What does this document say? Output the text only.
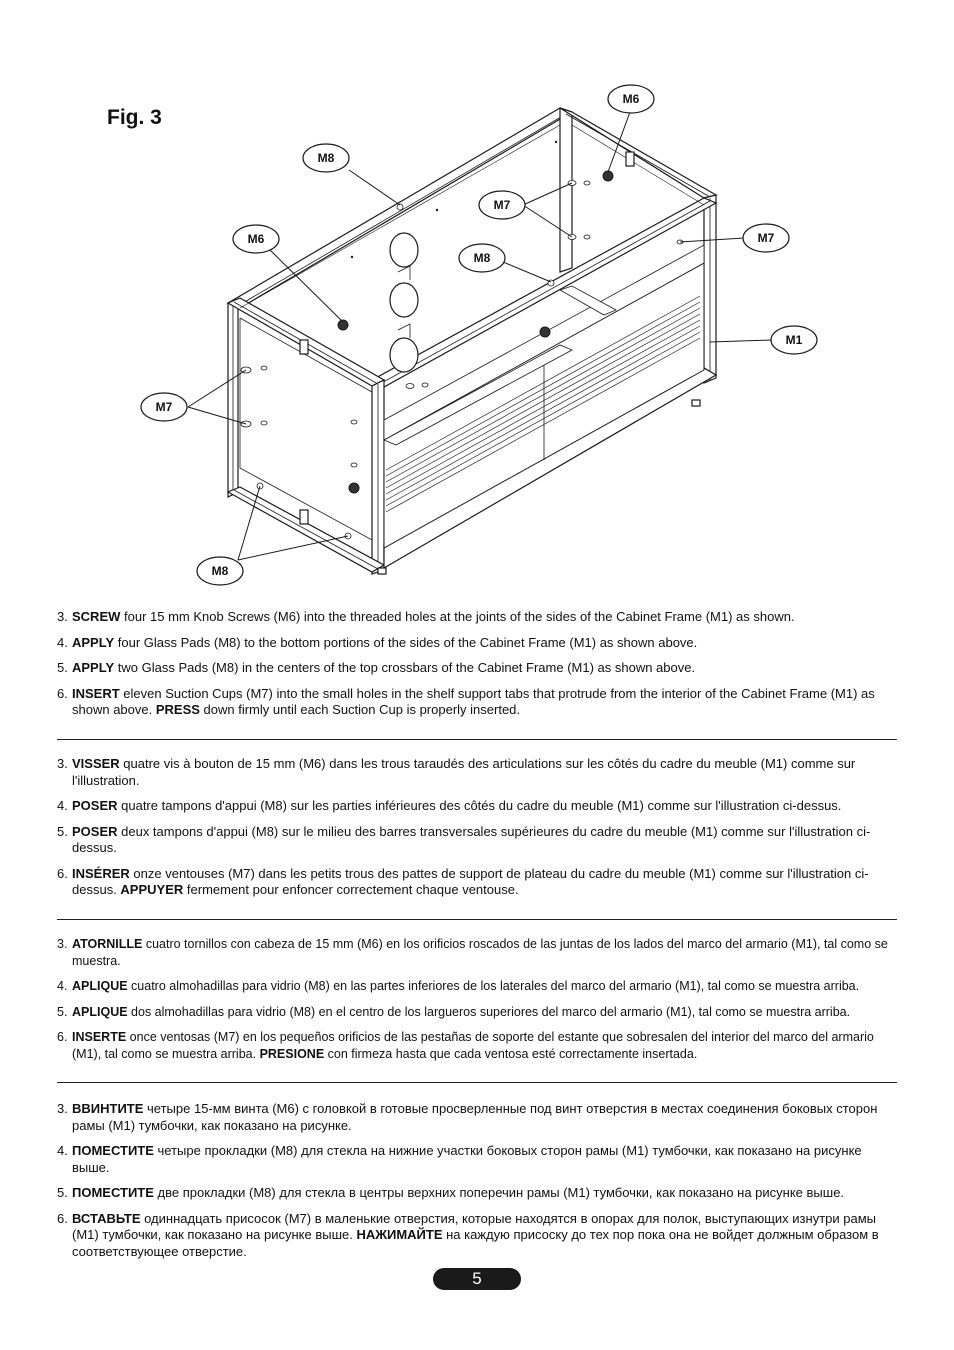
Fig. 3
M6
M8
M7
M6
M8
M7
M1
M7
M8
3. SCREW four 15 mm Knob Screws (M6) into the threaded holes at the joints of the sides of the Cabinet Frame (M1) as shown.
4. APPLY four Glass Pads (M8) to the bottom portions of the sides of the Cabinet Frame (M1) as shown above.
5. APPLY two Glass Pads (M8) in the centers of the top crossbars of the Cabinet Frame (M1) as shown above.
6. INSERT eleven Suction Cups (M7) into the small holes in the shelf support tabs that protrude from the interior of the Cabinet Frame (M1) as shown above. PRESS down firmly until each Suction Cup is properly inserted.
3. VISSER quatre vis à bouton de 15 mm (M6) dans les trous taraudés des articulations sur les côtés du cadre du meuble (M1) comme sur l'illustration.
4. POSER quatre tampons d'appui (M8) sur les parties inférieures des côtés du cadre du meuble (M1) comme sur l'illustration ci-dessus.
5. POSER deux tampons d'appui (M8) sur le milieu des barres transversales supérieures du cadre du meuble (M1) comme sur l'illustration ci-dessus.
6. INSÉRER onze ventouses (M7) dans les petits trous des pattes de support de plateau du cadre du meuble (M1) comme sur l'illustration ci-dessus. APPUYER fermement pour enfoncer correctement chaque ventouse.
3. ATORNILLE cuatro tornillos con cabeza de 15 mm (M6) en los orificios roscados de las juntas de los lados del marco del armario (M1), tal como se muestra.
4. APLIQUE cuatro almohadillas para vidrio (M8) en las partes inferiores de los laterales del marco del armario (M1), tal como se muestra arriba.
5. APLIQUE dos almohadillas para vidrio (M8) en el centro de los largueros superiores del marco del armario (M1), tal como se muestra arriba.
6. INSERTE once ventosas (M7) en los pequeños orificios de las pestañas de soporte del estante que sobresalen del interior del marco del armario (M1), tal como se muestra arriba. PRESIONE con firmeza hasta que cada ventosa esté correctamente insertada.
3. ВВИНТИТЕ четыре 15-мм винта (M6) с головкой в готовые просверленные под винт отверстия в местах соединения боковых сторон рамы (M1) тумбочки, как показано на рисунке.
4. ПОМЕСТИТЕ четыре прокладки (M8) для стекла на нижние участки боковых сторон рамы (M1) тумбочки, как показано на рисунке выше.
5. ПОМЕСТИТЕ две прокладки (M8) для стекла в центры верхних поперечин рамы (M1) тумбочки, как показано на рисунке выше.
6. ВСТАВЬТЕ одиннадцать присосок (M7) в маленькие отверстия, которые находятся в опорах для полок, выступающих изнутри рамы (M1) тумбочки, как показано на рисунке выше. НАЖИМАЙТЕ на каждую присоску до тех пор пока она не войдет должным образом в соответствующее отверстие.
5
